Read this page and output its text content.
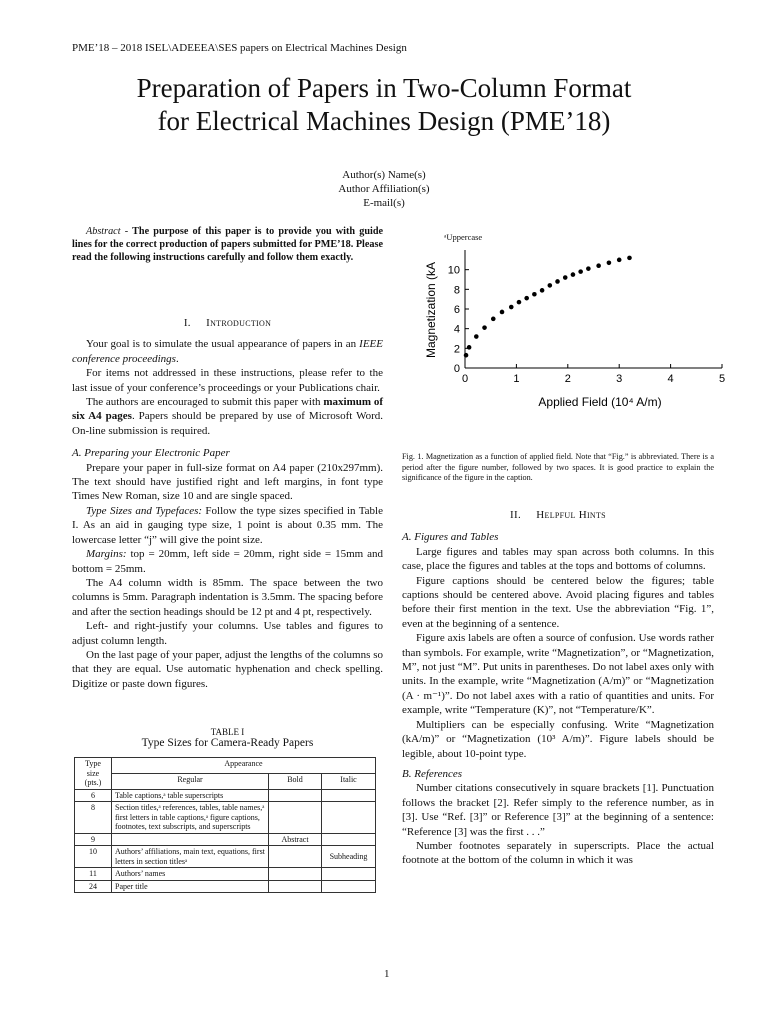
PME’18 – 2018 ISEL\ADEEEA\SES papers on Electrical Machines Design
Preparation of Papers in Two-Column Format
for Electrical Machines Design (PME’18)
Author(s) Name(s)
Author Affiliation(s)
E-mail(s)

Abstract - The purpose of this paper is to provide you with guide lines for the correct production of papers submitted for PME’18. Please read the following instructions carefully and follow them exactly.

I. Introduction

Your goal is to simulate the usual appearance of papers in an IEEE conference proceedings.

For items not addressed in these instructions, please refer to the last issue of your conference’s proceedings or your Publications chair.

The authors are encouraged to submit this paper with maximum of six A4 pages. Papers should be prepared by use of Microsoft Word. On-line submission is required.

A. Preparing your Electronic Paper

Prepare your paper in full-size format on A4 paper (210x297mm). The text should have justified right and left margins, in font type Times New Roman, size 10 and are single spaced.

Type Sizes and Typefaces: Follow the type sizes specified in Table I. As an aid in gauging type size, 1 point is about 0.35 mm. The lowercase letter “j” will give the point size.

Margins: top = 20mm, left side = 20mm, right side = 15mm and bottom = 25mm.

The A4 column width is 85mm. The space between the two columns is 5mm. Paragraph indentation is 3.5mm. The spacing before and after the section headings should be 12 pt and 4 pt, respectively.

Left- and right-justify your columns. Use tables and figures to adjust column length.

On the last page of your paper, adjust the lengths of the columns so that they are equal. Use automatic hyphenation and check spelling. Digitize or paste down figures.

TABLE I
Type Sizes for Camera-Ready Papers
Type size (pts.)	Appearance		
	Regular	Bold	Italic
6	Table captions,ᵃ table superscripts		
8	Section titles,ᵃ references, tables, table names,ᵃ first letters in table captions,ᵃ figure captions, footnotes, text subscripts, and superscripts		
9		Abstract	
10	Authors’ affiliations, main text, equations, first letters in section titlesᵃ		Subheading
11	Authors’ names		
24	Paper title		
ᵃUppercase
0	1	2	3	4	5
0
2
4
6
8
10
Applied Field (10⁴ A/m)
Magnetization (kA
Fig. 1. Magnetization as a function of applied field. Note that “Fig.” is abbreviated. There is a period after the figure number, followed by two spaces. It is good practice to explain the significance of the figure in the caption.

II. Helpful Hints

A. Figures and Tables

Large figures and tables may span across both columns. In this case, place the figures and tables at the tops and bottoms of columns.

Figure captions should be centered below the figures; table captions should be centered above. Avoid placing figures and tables before their first mention in the text. Use the abbreviation “Fig. 1”, even at the beginning of a sentence.

Figure axis labels are often a source of confusion. Use words rather than symbols. For example, write “Magnetization”, or “Magnetization, M”, not just “M”. Put units in parentheses. Do not label axes only with units. In the example, write “Magnetization (A/m)” or “Magnetization (A · m⁻¹)”. Do not label axes with a ratio of quantities and units. For example, write “Temperature (K)”, not “Temperature/K”.

Multipliers can be especially confusing. Write “Magnetization (kA/m)” or “Magnetization (10³ A/m)”. Figure labels should be legible, about 10-point type.

B. References

Number citations consecutively in square brackets [1]. Punctuation follows the bracket [2]. Refer simply to the reference number, as in [3]. Use “Ref. [3]” or Reference [3]” at the beginning of a sentence: “Reference [3] was the first . . .”

Number footnotes separately in superscripts. Place the actual footnote at the bottom of the column in which it was

1
